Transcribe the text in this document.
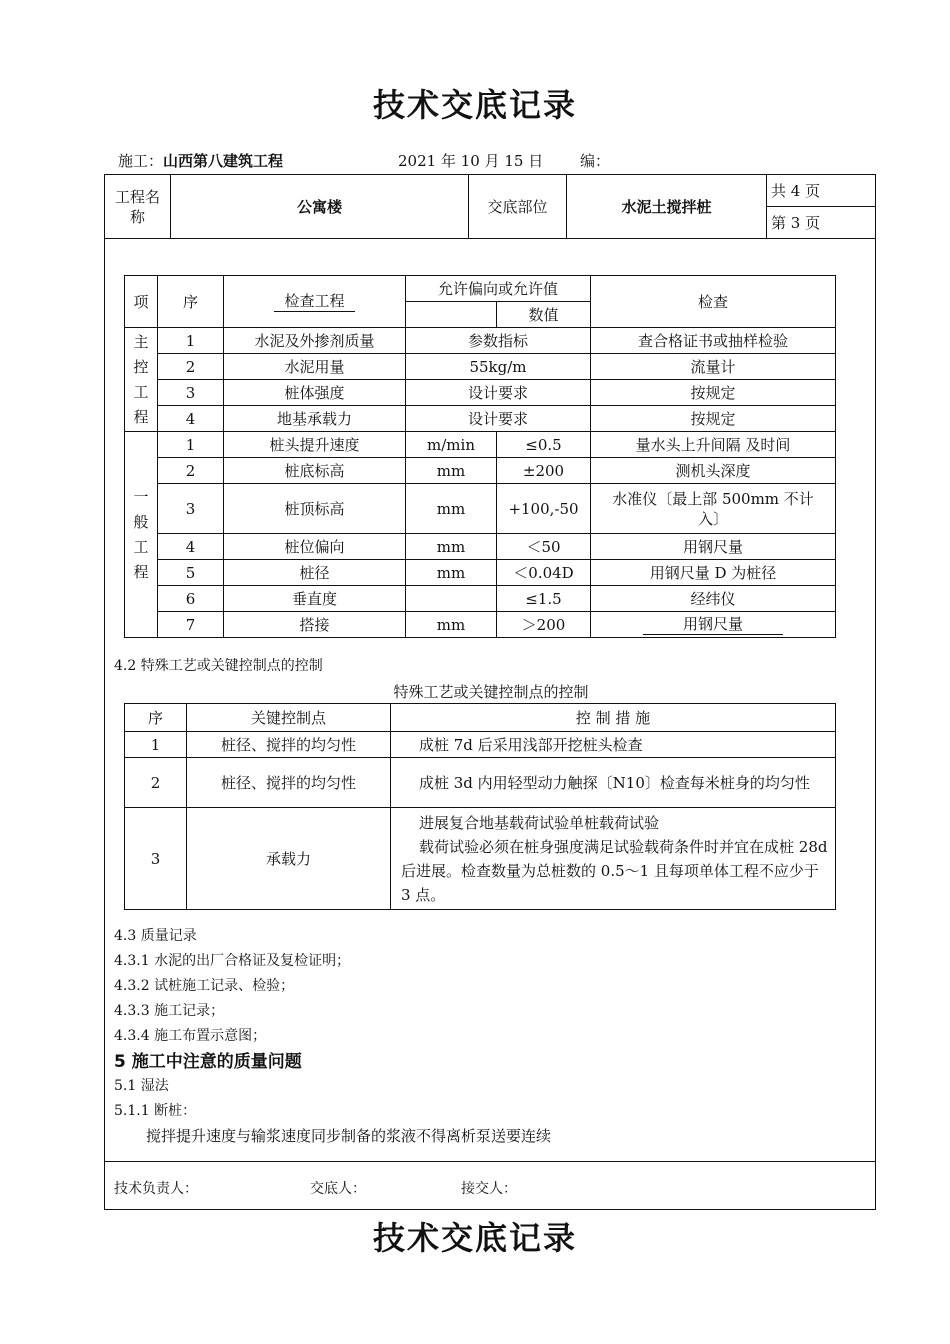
技术交底记录
施工：山西第八建筑工程	2021 年 10 月 15 日 编：
工程名称	公寓楼	交底部位	水泥土搅拌桩	共 4 页
第 3 页
项	序	检查工程	允许偏向或允许值		检查
				数值	
主
控
工
程	1	水泥及外掺剂质量	参数指标		查合格证书或抽样检验
	2	水泥用量	55kg/m		流量计
	3	桩体强度	设计要求		按规定
	4	地基承载力	设计要求		按规定
一
般
工
程	1	桩头提升速度	m/min	≤0.5	量水头上升间隔 及时间
	2	桩底标高	mm	±200	测机头深度
	3	桩顶标高	mm	+100,-50	水准仪〔最上部 500mm 不计入〕
	4	桩位偏向	mm	＜50	用钢尺量
	5	桩径	mm	＜0.04D	用钢尺量 D 为桩径
	6	垂直度		≤1.5	经纬仪
	7	搭接	mm	＞200	用钢尺量
4.2 特殊工艺或关键控制点的控制
特殊工艺或关键控制点的控制
序	关键控制点	控 制 措 施
1	桩径、搅拌的均匀性	成桩 7d 后采用浅部开挖桩头检查
2	桩径、搅拌的均匀性	成桩 3d 内用轻型动力触探〔N10〕检查每米桩身的均匀性
3	承载力	进展复合地基载荷试验单桩载荷试验
载荷试验必须在桩身强度满足试验载荷条件时并宜在成桩 28d 后进展。检查数量为总桩数的 0.5～1 且每项单体工程不应少于 3 点。
4.3 质量记录
4.3.1 水泥的出厂合格证及复检证明；
4.3.2 试桩施工记录、检验；
4.3.3 施工记录；
4.3.4 施工布置示意图；
5 施工中注意的质量问题
5.1 湿法
5.1.1 断桩：
搅拌提升速度与输浆速度同步制备的浆液不得离析泵送要连续
技术负责人：	交底人：	接交人：
技术交底记录
